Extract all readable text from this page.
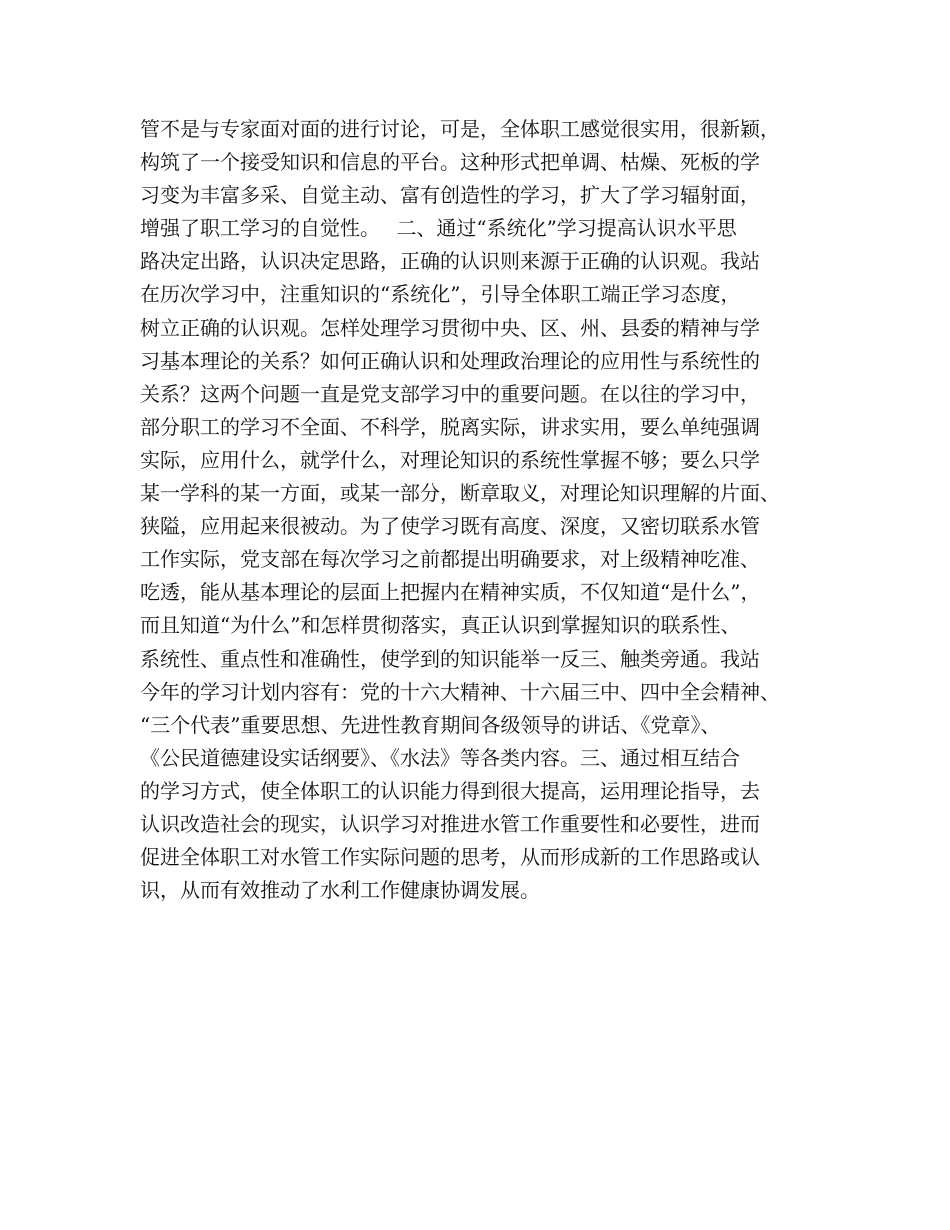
管不是与专家面对面的进行讨论，可是，全体职工感觉很实用，很新颖，
构筑了一个接受知识和信息的平台。这种形式把单调、枯燥、死板的学
习变为丰富多采、自觉主动、富有创造性的学习，扩大了学习辐射面，
增强了职工学习的自觉性。　 二、通过“系统化”学习提高认识水平思
路决定出路，认识决定思路，正确的认识则来源于正确的认识观。我站
在历次学习中，注重知识的“系统化”，引导全体职工端正学习态度，
树立正确的认识观。怎样处理学习贯彻中央、区、州、县委的精神与学
习基本理论的关系？如何正确认识和处理政治理论的应用性与系统性的
关系？这两个问题一直是党支部学习中的重要问题。在以往的学习中，
部分职工的学习不全面、不科学，脱离实际，讲求实用，要么单纯强调
实际，应用什么，就学什么，对理论知识的系统性掌握不够；要么只学
某一学科的某一方面，或某一部分，断章取义，对理论知识理解的片面、
狭隘，应用起来很被动。为了使学习既有高度、深度，又密切联系水管
工作实际，党支部在每次学习之前都提出明确要求，对上级精神吃准、
吃透，能从基本理论的层面上把握内在精神实质，不仅知道“是什么”，
而且知道“为什么”和怎样贯彻落实，真正认识到掌握知识的联系性、
系统性、重点性和准确性，使学到的知识能举一反三、触类旁通。我站
今年的学习计划内容有：党的十六大精神、十六届三中、四中全会精神、
“三个代表”重要思想、先进性教育期间各级领导的讲话、《党章》、
《公民道德建设实话纲要》、《水法》等各类内容。三、通过相互结合
的学习方式，使全体职工的认识能力得到很大提高，运用理论指导，去
认识改造社会的现实，认识学习对推进水管工作重要性和必要性，进而
促进全体职工对水管工作实际问题的思考，从而形成新的工作思路或认
识，从而有效推动了水利工作健康协调发展。
